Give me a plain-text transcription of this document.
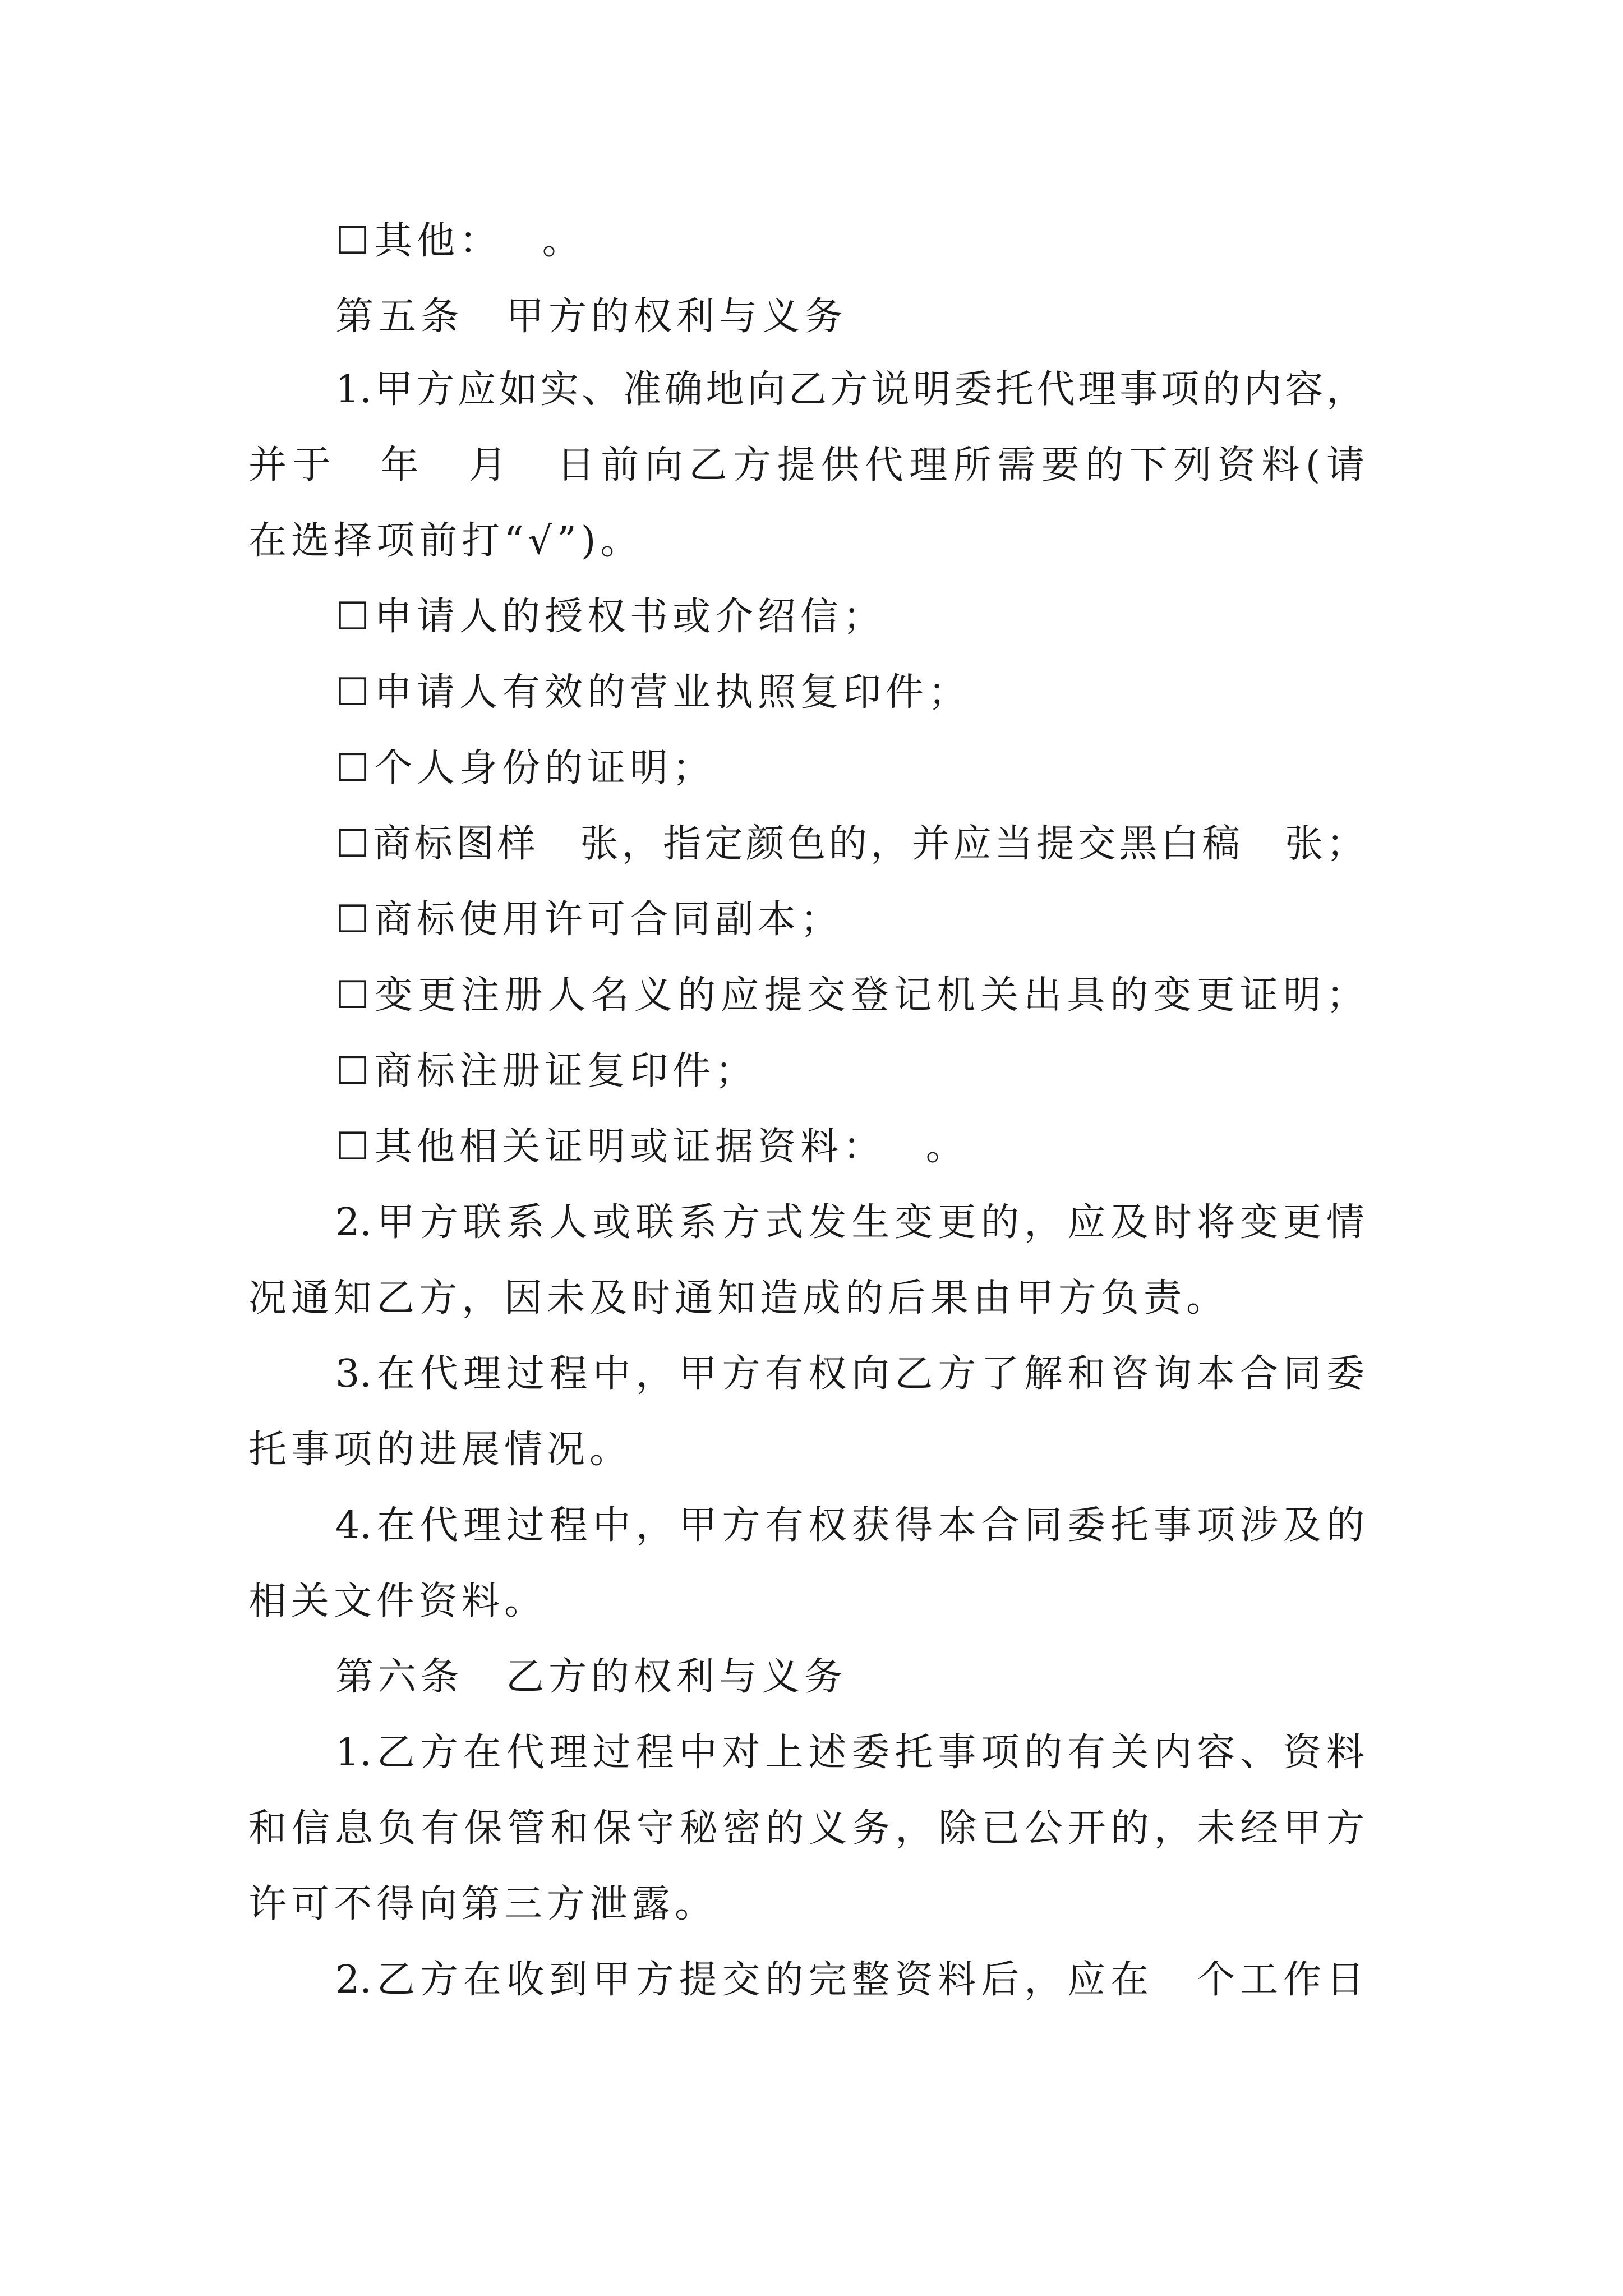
☐其他：　 。
第五条　甲方的权利与义务
1.甲方应如实、准确地向乙方说明委托代理事项的内容，
并于　年　月　日前向乙方提供代理所需要的下列资料(请
在选择项前打“√”)。
☐申请人的授权书或介绍信；
☐申请人有效的营业执照复印件；
☐个人身份的证明；
☐商标图样　张，指定颜色的，并应当提交黑白稿　张；
☐商标使用许可合同副本；
☐变更注册人名义的应提交登记机关出具的变更证明；
☐商标注册证复印件；
☐其他相关证明或证据资料：　 。
2.甲方联系人或联系方式发生变更的，应及时将变更情
况通知乙方，因未及时通知造成的后果由甲方负责。
3.在代理过程中，甲方有权向乙方了解和咨询本合同委
托事项的进展情况。
4.在代理过程中，甲方有权获得本合同委托事项涉及的
相关文件资料。
第六条　乙方的权利与义务
1.乙方在代理过程中对上述委托事项的有关内容、资料
和信息负有保管和保守秘密的义务，除已公开的，未经甲方
许可不得向第三方泄露。
2.乙方在收到甲方提交的完整资料后，应在　个工作日
